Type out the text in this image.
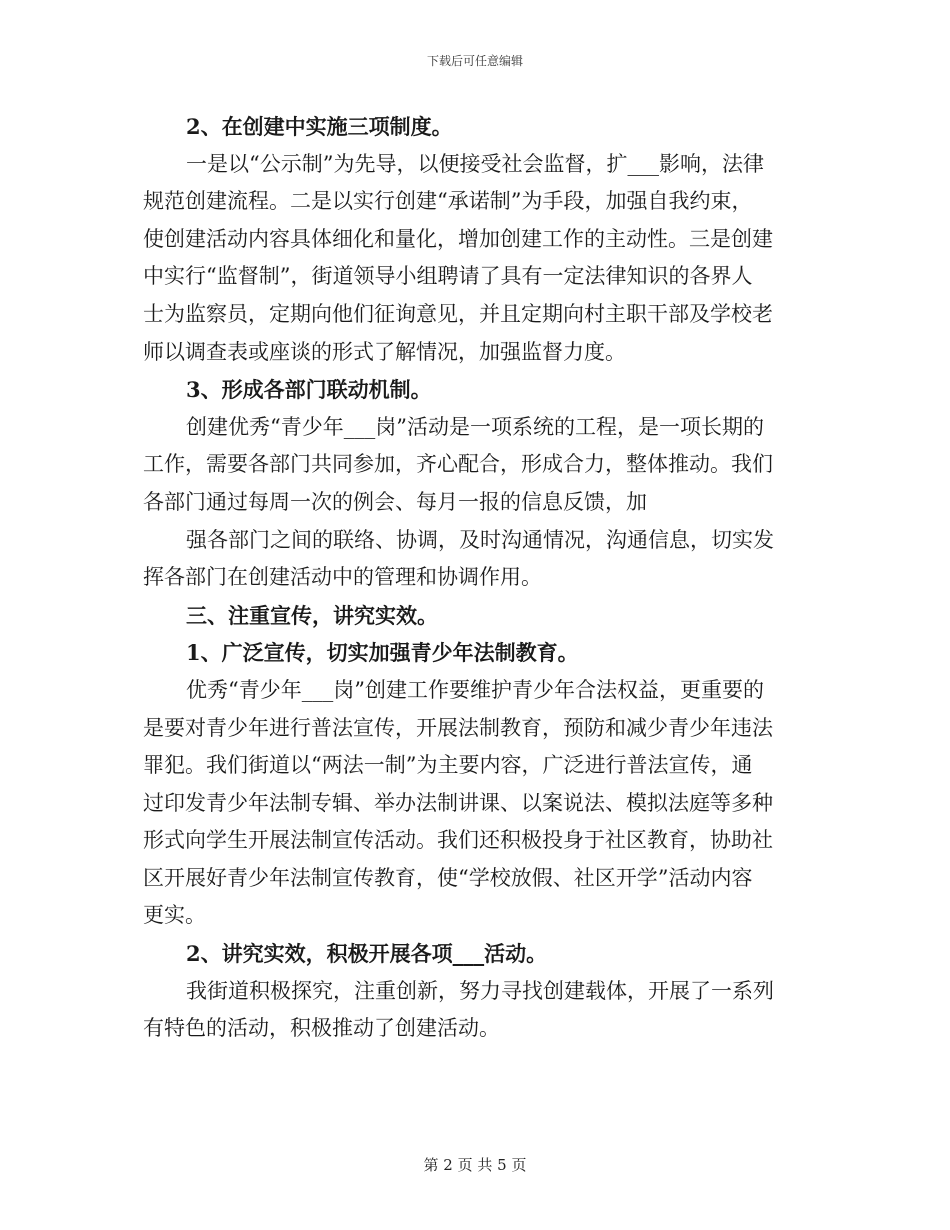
下载后可任意编辑
2、在创建中实施三项制度。
一是以“公示制”为先导，以便接受社会监督，扩___影响，法律
规范创建流程。二是以实行创建“承诺制”为手段，加强自我约束，
使创建活动内容具体细化和量化，增加创建工作的主动性。三是创建
中实行“监督制”，街道领导小组聘请了具有一定法律知识的各界人
士为监察员，定期向他们征询意见，并且定期向村主职干部及学校老
师以调查表或座谈的形式了解情况，加强监督力度。
3、形成各部门联动机制。
创建优秀“青少年___岗”活动是一项系统的工程，是一项长期的
工作，需要各部门共同参加，齐心配合，形成合力，整体推动。我们
各部门通过每周一次的例会、每月一报的信息反馈，加
强各部门之间的联络、协调，及时沟通情况，沟通信息，切实发
挥各部门在创建活动中的管理和协调作用。
三、注重宣传，讲究实效。
1、广泛宣传，切实加强青少年法制教育。
优秀“青少年___岗”创建工作要维护青少年合法权益，更重要的
是要对青少年进行普法宣传，开展法制教育，预防和减少青少年违法
罪犯。我们街道以“两法一制”为主要内容，广泛进行普法宣传，通
过印发青少年法制专辑、举办法制讲课、以案说法、模拟法庭等多种
形式向学生开展法制宣传活动。我们还积极投身于社区教育，协助社
区开展好青少年法制宣传教育，使“学校放假、社区开学”活动内容
更实。
2、讲究实效，积极开展各项___活动。
我街道积极探究，注重创新，努力寻找创建载体，开展了一系列
有特色的活动，积极推动了创建活动。
第 2 页 共 5 页
